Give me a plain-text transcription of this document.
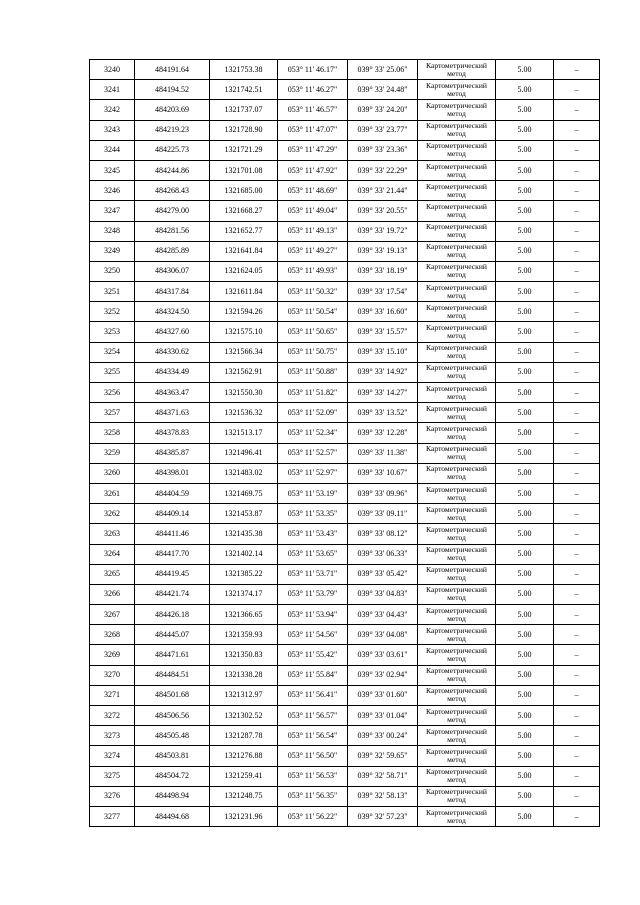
3240	484191.64	1321753.38	053° 11' 46.17"	039° 33' 25.06"	Картометрический метод	5.00	–
3241	484194.52	1321742.51	053° 11' 46.27"	039° 33' 24.48"	Картометрический метод	5.00	–
3242	484203.69	1321737.07	053° 11' 46.57"	039° 33' 24.20"	Картометрический метод	5.00	–
3243	484219.23	1321728.90	053° 11' 47.07"	039° 33' 23.77"	Картометрический метод	5.00	–
3244	484225.73	1321721.29	053° 11' 47.29"	039° 33' 23.36"	Картометрический метод	5.00	–
3245	484244.86	1321701.08	053° 11' 47.92"	039° 33' 22.29"	Картометрический метод	5.00	–
3246	484268.43	1321685.00	053° 11' 48.69"	039° 33' 21.44"	Картометрический метод	5.00	–
3247	484279.00	1321668.27	053° 11' 49.04"	039° 33' 20.55"	Картометрический метод	5.00	–
3248	484281.56	1321652.77	053° 11' 49.13"	039° 33' 19.72"	Картометрический метод	5.00	–
3249	484285.89	1321641.84	053° 11' 49.27"	039° 33' 19.13"	Картометрический метод	5.00	–
3250	484306.07	1321624.05	053° 11' 49.93"	039° 33' 18.19"	Картометрический метод	5.00	–
3251	484317.84	1321611.84	053° 11' 50.32"	039° 33' 17.54"	Картометрический метод	5.00	–
3252	484324.50	1321594.26	053° 11' 50.54"	039° 33' 16.60"	Картометрический метод	5.00	–
3253	484327.60	1321575.10	053° 11' 50.65"	039° 33' 15.57"	Картометрический метод	5.00	–
3254	484330.62	1321566.34	053° 11' 50.75"	039° 33' 15.10"	Картометрический метод	5.00	–
3255	484334.49	1321562.91	053° 11' 50.88"	039° 33' 14.92"	Картометрический метод	5.00	–
3256	484363.47	1321550.30	053° 11' 51.82"	039° 33' 14.27"	Картометрический метод	5.00	–
3257	484371.63	1321536.32	053° 11' 52.09"	039° 33' 13.52"	Картометрический метод	5.00	–
3258	484378.83	1321513.17	053° 11' 52.34"	039° 33' 12.28"	Картометрический метод	5.00	–
3259	484385.87	1321496.41	053° 11' 52.57"	039° 33' 11.38"	Картометрический метод	5.00	–
3260	484398.01	1321483.02	053° 11' 52.97"	039° 33' 10.67"	Картометрический метод	5.00	–
3261	484404.59	1321469.75	053° 11' 53.19"	039° 33' 09.96"	Картометрический метод	5.00	–
3262	484409.14	1321453.87	053° 11' 53.35"	039° 33' 09.11"	Картометрический метод	5.00	–
3263	484411.46	1321435.38	053° 11' 53.43"	039° 33' 08.12"	Картометрический метод	5.00	–
3264	484417.70	1321402.14	053° 11' 53.65"	039° 33' 06.33"	Картометрический метод	5.00	–
3265	484419.45	1321385.22	053° 11' 53.71"	039° 33' 05.42"	Картометрический метод	5.00	–
3266	484421.74	1321374.17	053° 11' 53.79"	039° 33' 04.83"	Картометрический метод	5.00	–
3267	484426.18	1321366.65	053° 11' 53.94"	039° 33' 04.43"	Картометрический метод	5.00	–
3268	484445.07	1321359.93	053° 11' 54.56"	039° 33' 04.08"	Картометрический метод	5.00	–
3269	484471.61	1321350.83	053° 11' 55.42"	039° 33' 03.61"	Картометрический метод	5.00	–
3270	484484.51	1321338.28	053° 11' 55.84"	039° 33' 02.94"	Картометрический метод	5.00	–
3271	484501.68	1321312.97	053° 11' 56.41"	039° 33' 01.60"	Картометрический метод	5.00	–
3272	484506.56	1321302.52	053° 11' 56.57"	039° 33' 01.04"	Картометрический метод	5.00	–
3273	484505.48	1321287.78	053° 11' 56.54"	039° 33' 00.24"	Картометрический метод	5.00	–
3274	484503.81	1321276.88	053° 11' 56.50"	039° 32' 59.65"	Картометрический метод	5.00	–
3275	484504.72	1321259.41	053° 11' 56.53"	039° 32' 58.71"	Картометрический метод	5.00	–
3276	484498.94	1321248.75	053° 11' 56.35"	039° 32' 58.13"	Картометрический метод	5.00	–
3277	484494.68	1321231.96	053° 11' 56.22"	039° 32' 57.23"	Картометрический метод	5.00	–
